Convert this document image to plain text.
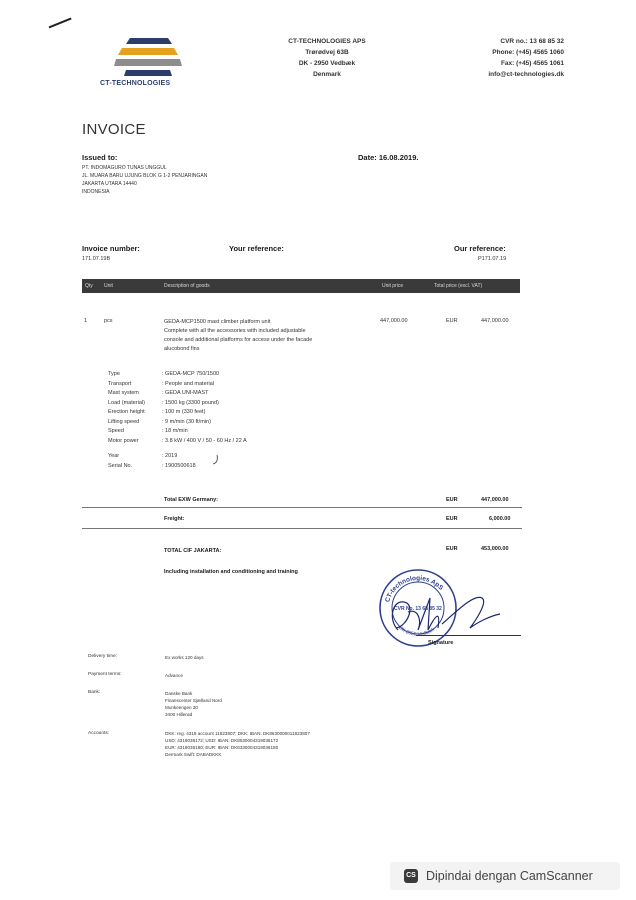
CT-TECHNOLOGIES
CT-TECHNOLOGIES APS
Trørødvej 63B
DK - 2950 Vedbæk
Denmark
CVR no.: 13 68 85 32
Phone: (+45) 4565 1060
Fax: (+45) 4565 1061
info@ct-technologies.dk
INVOICE
Issued to:
PT. INDOMAGURO TUNAS UNGGUL
JL. MUARA BARU UJUNG BLOK G 1-2 PENJARINGAN
JAKARTA UTARA 14440
INDONESIA
Date: 16.08.2019.
Invoice number:
171.07.19B
Your reference:	Our reference:
P171.07.19
Qty Unit	Description of goods	Unit price	Total price (excl. VAT)
1	pcs	GEDA-MCP1500 mast climber platform unit
Complete with all the accessories with included adjustable
console and additional platforms for access under the facade
alucobond fins
447,000.00	EUR	447,000.00
Type	: GEDA-MCP 750/1500
Transport	: People and material
Mast system	: GEDA UNI-MAST
Load (material)	: 1500 kg (3300 pound)
Erection height	: 100 m (330 feet)
Lifting speed	: 9 m/min (30 ft/min)
Speed	: 18 m/min
Motor power	: 3.8 kW / 400 V / 50 - 60 Hz / 22 A
Year	: 2019
Serial No.	: 1900500618
Total EXW Germany:	EUR	447,000.00
Freight:	EUR	6,000.00
TOTAL CIF JAKARTA:	EUR	453,000.00
Including installation and conditioning and training
CT-technologies ApS
CVR No. 13 68 85 32
DK 2950 Vedbæk
Signature
Delivery time:	Ex works 120 days
Payment terms:	Advance
Bank:	Danske Bank
Finanscenter Sjælland Nord
Munkeengen 30
3400 Hillerød
Accounts:	DKK: reg. 4319 account 11823807; DKK: IBAN: DK8630000011823807
USD: 4319036172; USD: IBAN: DK8530004319036172
EUR: 4319036180; EUR: IBAN: DK6330004319036180
Dermark Swift: DABADKKK
CS Dipindai dengan CamScanner
